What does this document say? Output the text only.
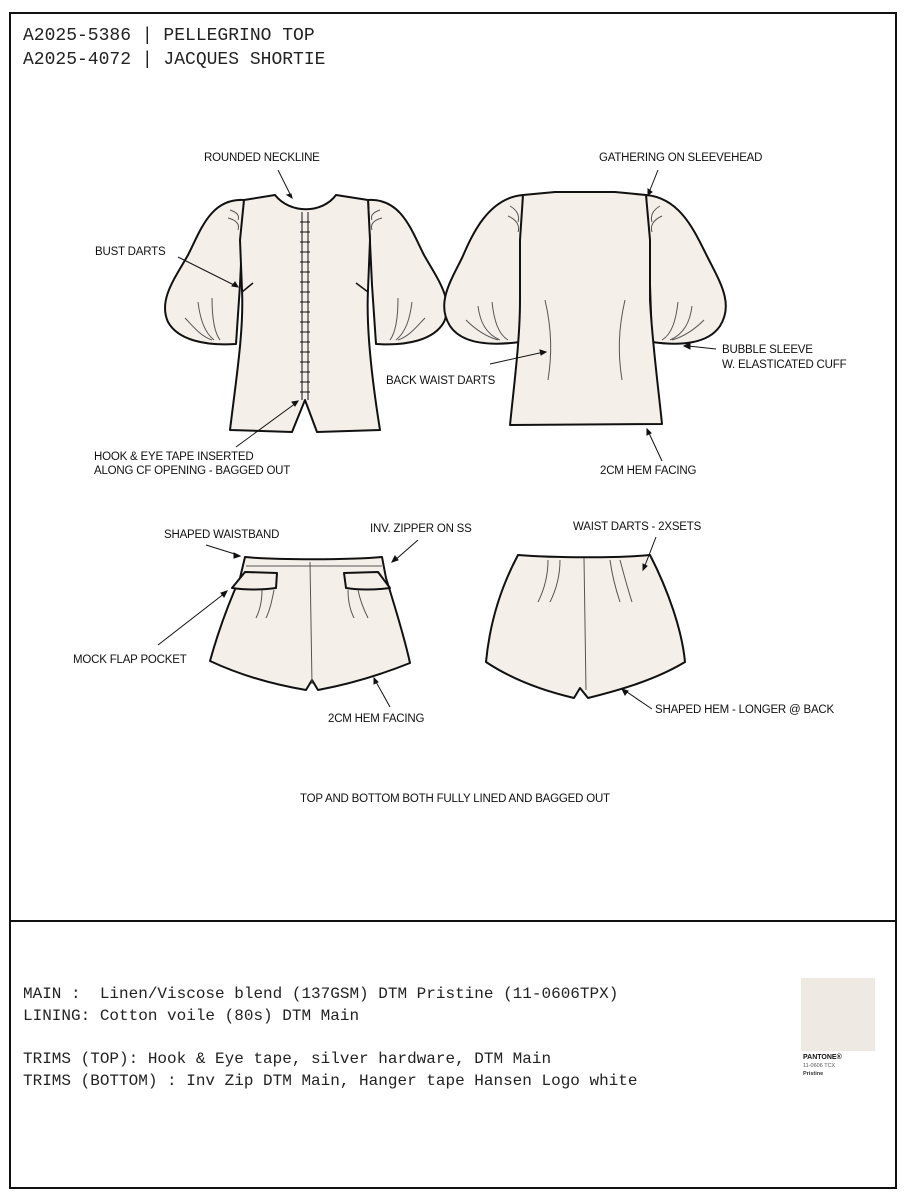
A2025-5386 | PELLEGRINO TOP
A2025-4072 | JACQUES SHORTIE
ROUNDED NECKLINE	GATHERING ON SLEEVEHEAD
BUST DARTS
BUBBLE SLEEVE
W. ELASTICATED CUFF
BACK WAIST DARTS
HOOK & EYE TAPE INSERTED
ALONG CF OPENING - BAGGED OUT	2CM HEM FACING
SHAPED WAISTBAND	INV. ZIPPER ON SS	WAIST DARTS - 2XSETS
MOCK FLAP POCKET
2CM HEM FACING
SHAPED HEM - LONGER @ BACK
TOP AND BOTTOM BOTH FULLY LINED AND BAGGED OUT
MAIN :  Linen/Viscose blend (137GSM) DTM Pristine (11-0606TPX)
LINING: Cotton voile (80s) DTM Main
TRIMS (TOP): Hook & Eye tape, silver hardware, DTM Main
TRIMS (BOTTOM) : Inv Zip DTM Main, Hanger tape Hansen Logo white
PANTONE®
11-0606 TCX
Pristine
